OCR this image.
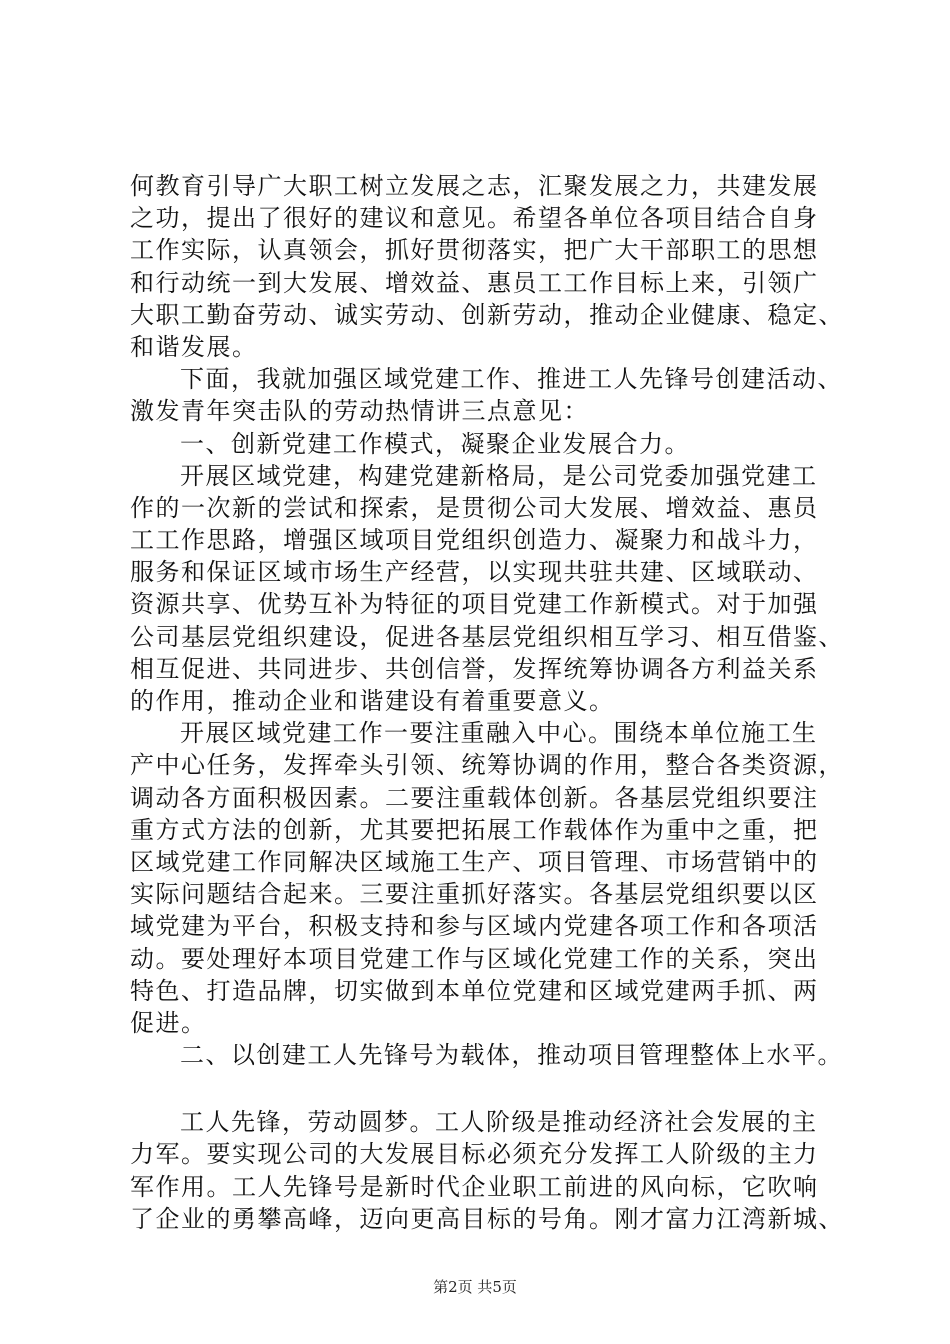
何教育引导广大职工树立发展之志，汇聚发展之力，共建发展
之功，提出了很好的建议和意见。希望各单位各项目结合自身
工作实际，认真领会，抓好贯彻落实，把广大干部职工的思想
和行动统一到大发展、增效益、惠员工工作目标上来，引领广
大职工勤奋劳动、诚实劳动、创新劳动，推动企业健康、稳定、
和谐发展。
下面，我就加强区域党建工作、推进工人先锋号创建活动、
激发青年突击队的劳动热情讲三点意见：
一、创新党建工作模式，凝聚企业发展合力。
开展区域党建，构建党建新格局，是公司党委加强党建工
作的一次新的尝试和探索，是贯彻公司大发展、增效益、惠员
工工作思路，增强区域项目党组织创造力、凝聚力和战斗力，
服务和保证区域市场生产经营，以实现共驻共建、区域联动、
资源共享、优势互补为特征的项目党建工作新模式。对于加强
公司基层党组织建设，促进各基层党组织相互学习、相互借鉴、
相互促进、共同进步、共创信誉，发挥统筹协调各方利益关系
的作用，推动企业和谐建设有着重要意义。
开展区域党建工作一要注重融入中心。围绕本单位施工生
产中心任务，发挥牵头引领、统筹协调的作用，整合各类资源，
调动各方面积极因素。二要注重载体创新。各基层党组织要注
重方式方法的创新，尤其要把拓展工作载体作为重中之重，把
区域党建工作同解决区域施工生产、项目管理、市场营销中的
实际问题结合起来。三要注重抓好落实。各基层党组织要以区
域党建为平台，积极支持和参与区域内党建各项工作和各项活
动。要处理好本项目党建工作与区域化党建工作的关系，突出
特色、打造品牌，切实做到本单位党建和区域党建两手抓、两
促进。
二、以创建工人先锋号为载体，推动项目管理整体上水平。
工人先锋，劳动圆梦。工人阶级是推动经济社会发展的主
力军。要实现公司的大发展目标必须充分发挥工人阶级的主力
军作用。工人先锋号是新时代企业职工前进的风向标，它吹响
了企业的勇攀高峰，迈向更高目标的号角。刚才富力江湾新城、
第2页 共5页
